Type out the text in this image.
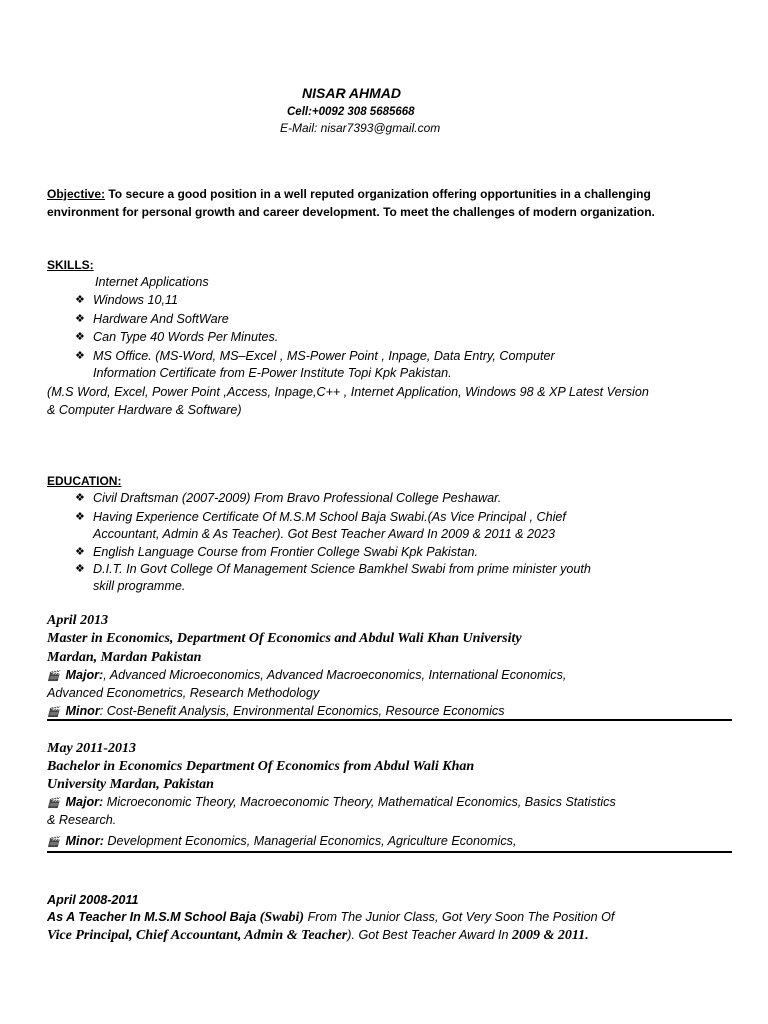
NISAR AHMAD
Cell:+0092 308 5685668
E-Mail: nisar7393@gmail.com
Objective: To secure a good position in a well reputed organization offering opportunities in a challenging
environment for personal growth and career development. To meet the challenges of modern organization.
SKILLS:
Internet Applications
❖ Windows 10,11
❖ Hardware And SoftWare
❖ Can Type 40 Words Per Minutes.
❖ MS Office. (MS-Word, MS–Excel , MS-Power Point , Inpage, Data Entry, Computer
Information Certificate from E-Power Institute Topi Kpk Pakistan.
(M.S Word, Excel, Power Point ,Access, Inpage,C++ , Internet Application, Windows 98 & XP Latest Version
& Computer Hardware & Software)
EDUCATION:
❖ Civil Draftsman (2007-2009) From Bravo Professional College Peshawar.
❖ Having Experience Certificate Of M.S.M School Baja Swabi.(As Vice Principal , Chief
Accountant, Admin & As Teacher). Got Best Teacher Award In 2009 & 2011 & 2023
❖ English Language Course from Frontier College Swabi Kpk Pakistan.
❖ D.I.T. In Govt College Of Management Science Bamkhel Swabi from prime minister youth
skill programme.
April 2013
Master in Economics, Department Of Economics and Abdul Wali Khan University
Mardan, Mardan Pakistan
🎬 Major:, Advanced Microeconomics, Advanced Macroeconomics, International Economics,
Advanced Econometrics, Research Methodology
🎬 Minor: Cost-Benefit Analysis, Environmental Economics, Resource Economics
May 2011-2013
Bachelor in Economics Department Of Economics from Abdul Wali Khan
University Mardan, Pakistan
🎬 Major: Microeconomic Theory, Macroeconomic Theory, Mathematical Economics, Basics Statistics
& Research.
🎬 Minor: Development Economics, Managerial Economics, Agriculture Economics,
April 2008-2011
As A Teacher In M.S.M School Baja (Swabi) From The Junior Class, Got Very Soon The Position Of
Vice Principal, Chief Accountant, Admin & Teacher). Got Best Teacher Award In 2009 & 2011.
